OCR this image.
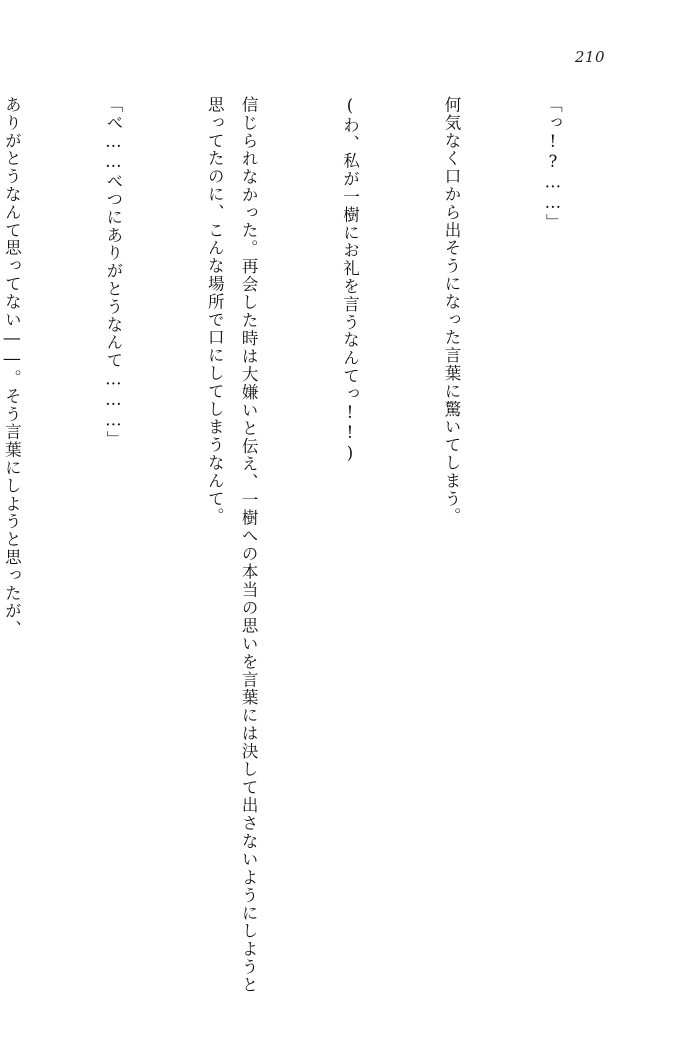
210

「っ!?……」

何気なく口から出そうになった言葉に驚いてしまう。

(わ、私が一樹にお礼を言うなんてっ!!)

信じられなかった。再会した時は大嫌いと伝え、一樹への本当の思いを言葉には決して出さないようにしようと思ってたのに、こんな場所で口にしてしまうなんて。

「べ……べつにありがとうなんて………」

ありがとうなんて思ってない――。そう言葉にしようと思ったが、
